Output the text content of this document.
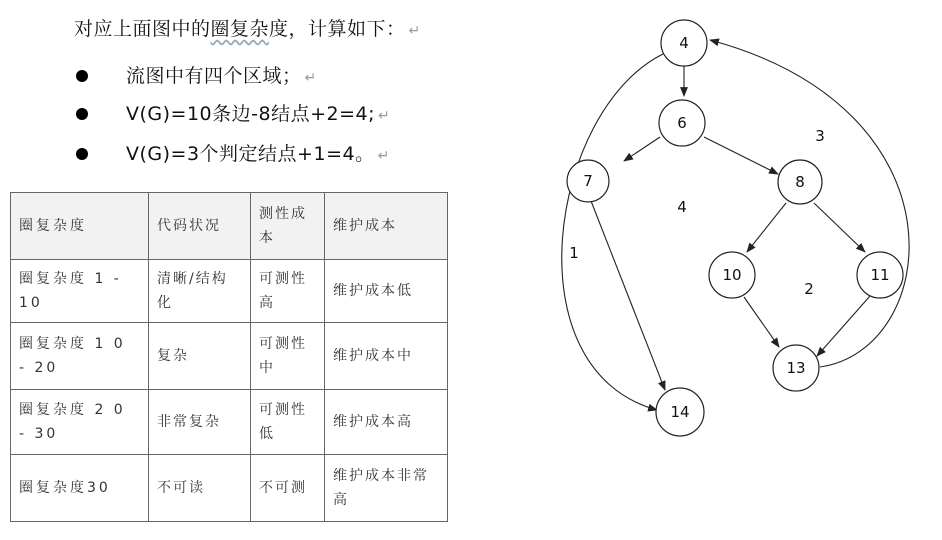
对应上面图中的圈复杂度，计算如下： ↵
流图中有四个区域； ↵
V(G)=10条边-8结点+2=4; ↵
V(G)=3个判定结点+1=4。 ↵
圈复杂度	代码状况	测性成本	维护成本
圈复杂度 1 - 10	清晰/结构化	可测性高	维护成本低
圈复杂度 1 0 - 20	复杂	可测性中	维护成本中
圈复杂度 2 0 - 30	非常复杂	可测性低	维护成本高
圈复杂度30	不可读	不可测	维护成本非常高
4
6
7	8
10	11
13
14
1
2
3
4
